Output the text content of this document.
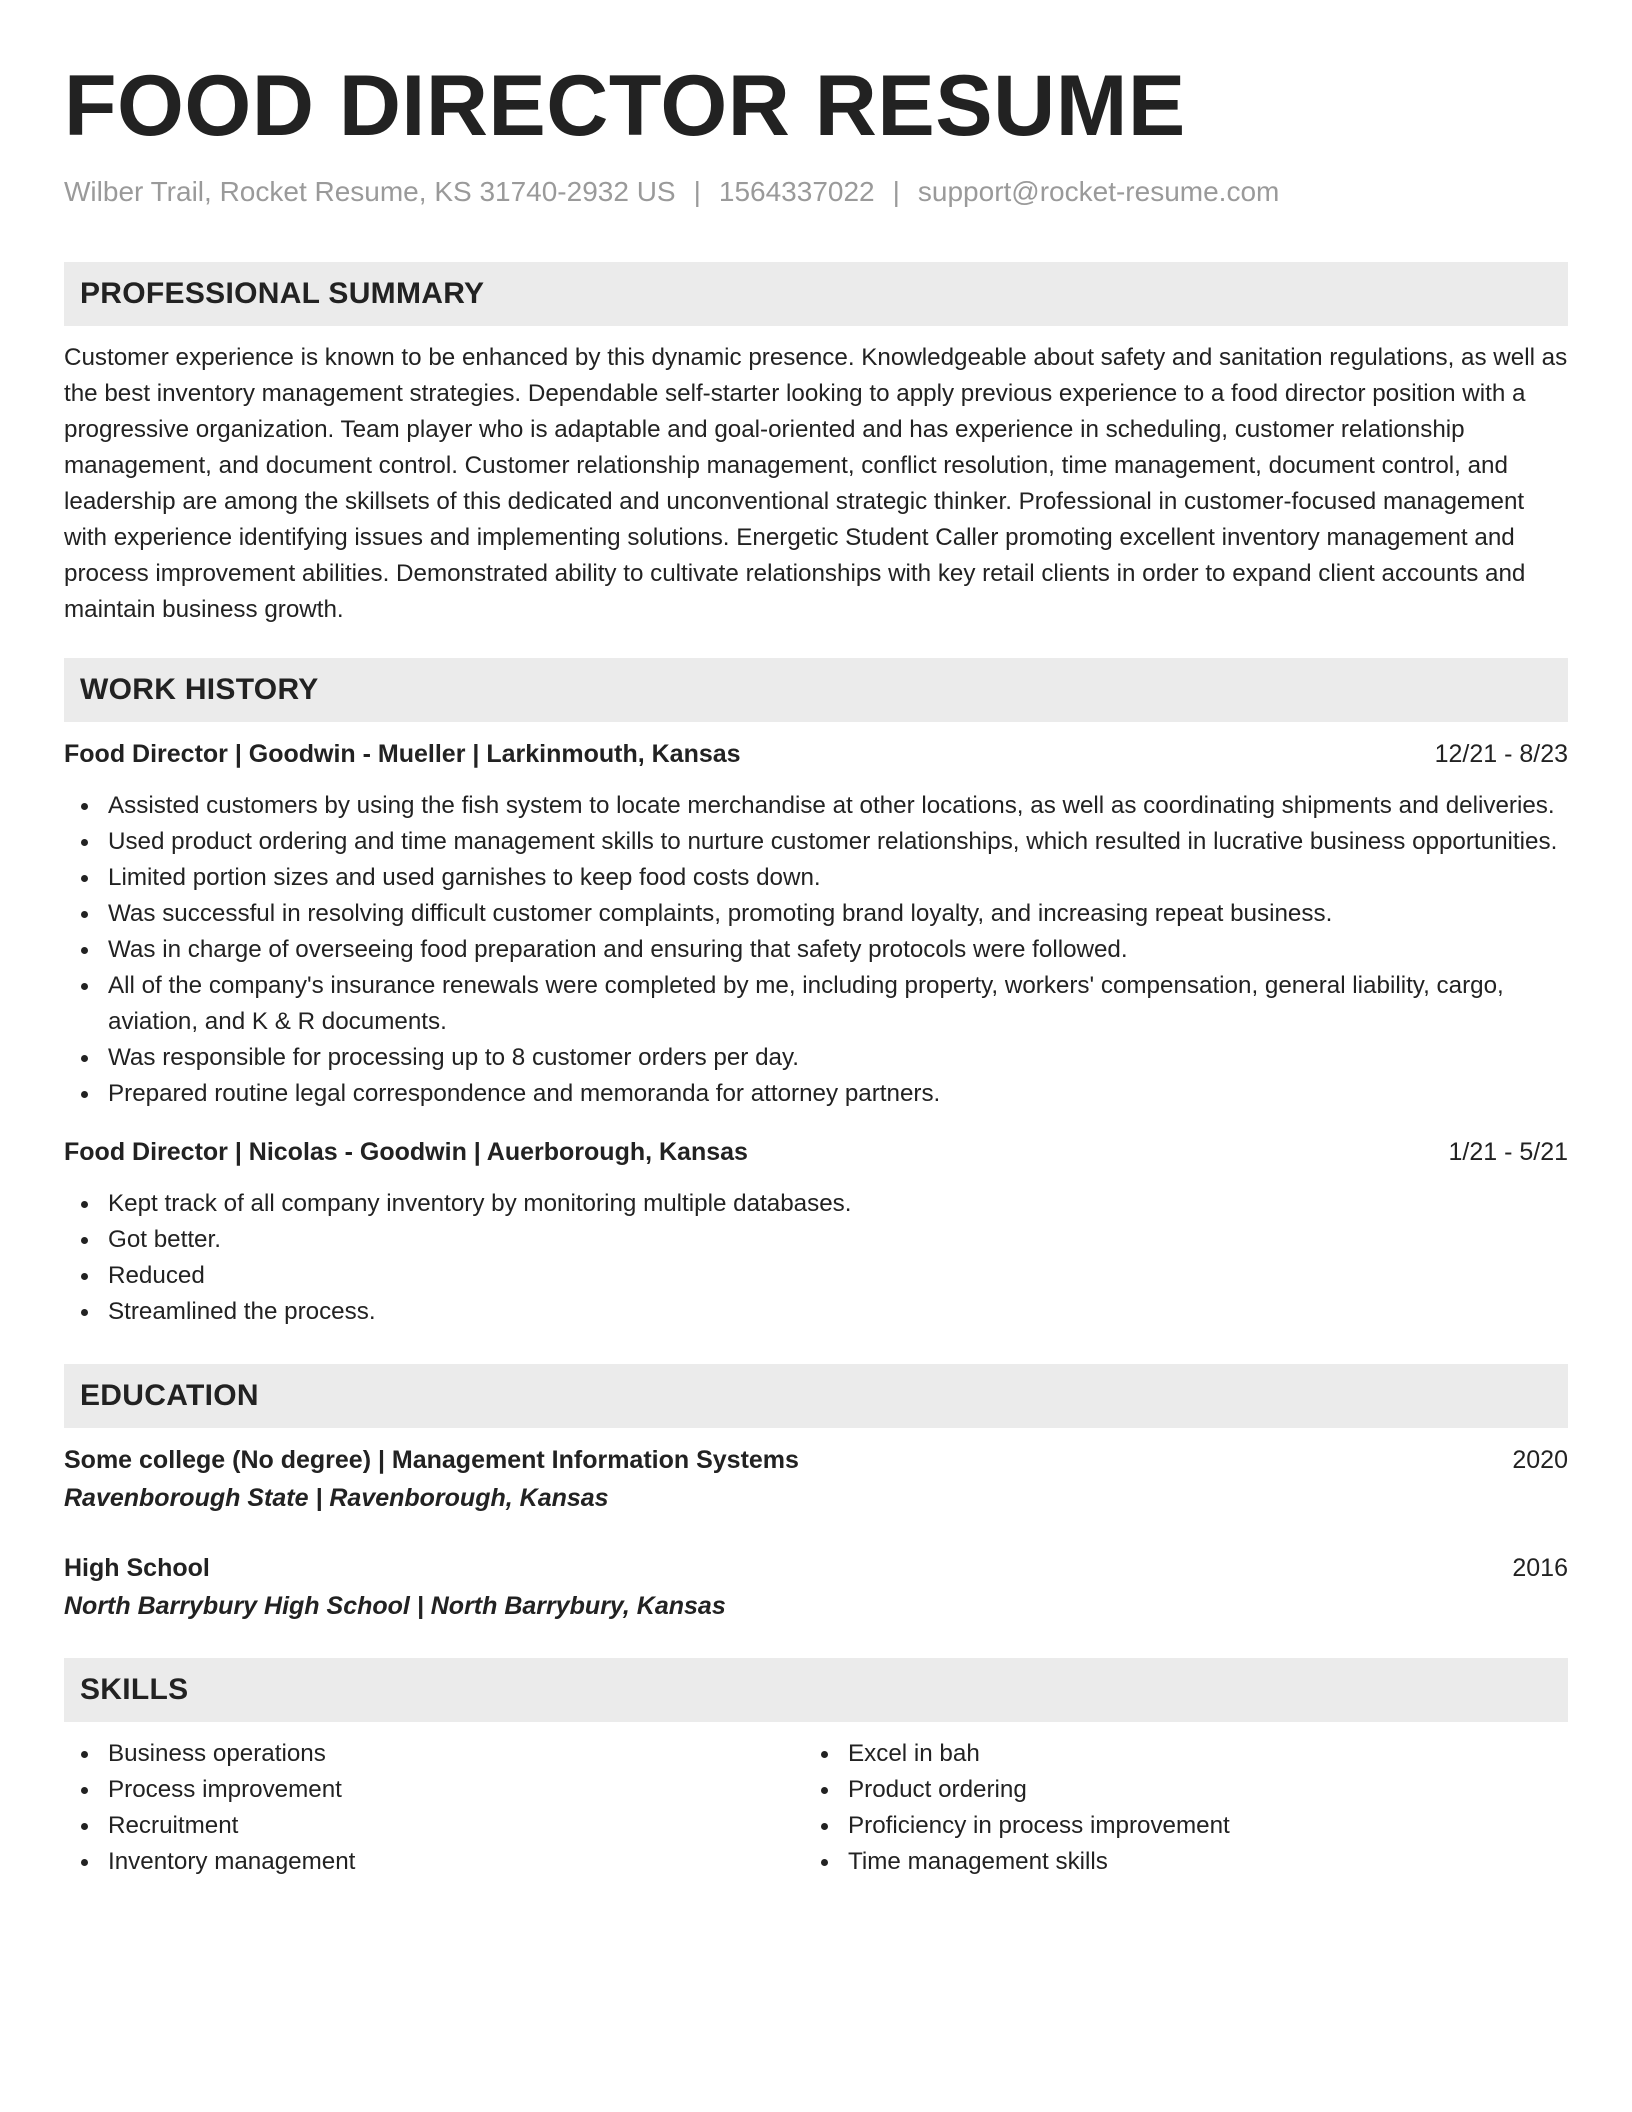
FOOD DIRECTOR RESUME
Wilber Trail, Rocket Resume, KS 31740-2932 US | 1564337022 | support@rocket-resume.com
PROFESSIONAL SUMMARY

Customer experience is known to be enhanced by this dynamic presence. Knowledgeable about safety and sanitation regulations, as well as the best inventory management strategies. Dependable self-starter looking to apply previous experience to a food director position with a progressive organization. Team player who is adaptable and goal-oriented and has experience in scheduling, customer relationship management, and document control. Customer relationship management, conflict resolution, time management, document control, and leadership are among the skillsets of this dedicated and unconventional strategic thinker. Professional in customer-focused management with experience identifying issues and implementing solutions. Energetic Student Caller promoting excellent inventory management and process improvement abilities. Demonstrated ability to cultivate relationships with key retail clients in order to expand client accounts and maintain business growth.

WORK HISTORY
Food Director | Goodwin - Mueller | Larkinmouth, Kansas	12/21 - 8/23
Assisted customers by using the fish system to locate merchandise at other locations, as well as coordinating shipments and deliveries.
Used product ordering and time management skills to nurture customer relationships, which resulted in lucrative business opportunities.
Limited portion sizes and used garnishes to keep food costs down.
Was successful in resolving difficult customer complaints, promoting brand loyalty, and increasing repeat business.
Was in charge of overseeing food preparation and ensuring that safety protocols were followed.
All of the company's insurance renewals were completed by me, including property, workers' compensation, general liability, cargo, aviation, and K & R documents.
Was responsible for processing up to 8 customer orders per day.
Prepared routine legal correspondence and memoranda for attorney partners.
Food Director | Nicolas - Goodwin | Auerborough, Kansas	1/21 - 5/21
Kept track of all company inventory by monitoring multiple databases.
Got better.
Reduced
Streamlined the process.
EDUCATION
Some college (No degree) | Management Information Systems	2020
Ravenborough State | Ravenborough, Kansas
High School	2016
North Barrybury High School | North Barrybury, Kansas
SKILLS
Business operations
Process improvement
Recruitment
Inventory management
Excel in bah
Product ordering
Proficiency in process improvement
Time management skills
